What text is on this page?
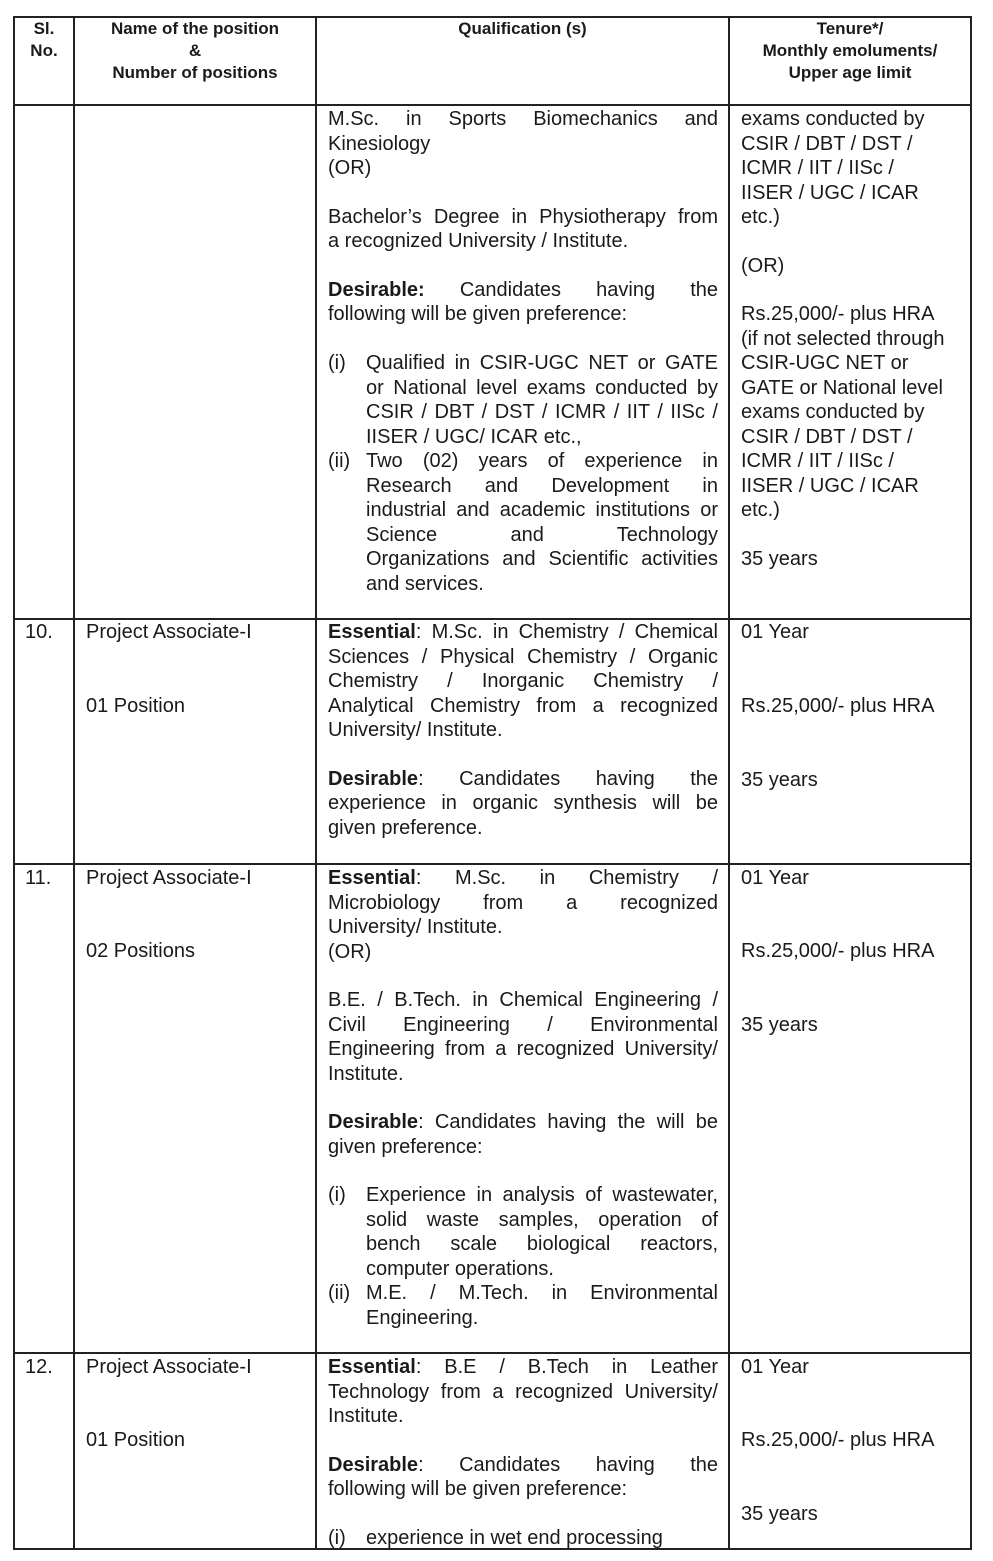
Sl.
No.
Name of the position
&
Number of positions
Qualification (s)	Tenure*/
Monthly emoluments/
Upper age limit
M.Sc. in Sports Biomechanics and
Kinesiology
(OR)
Bachelor’s Degree in Physiotherapy from
a recognized University / Institute.
Desirable: Candidates having the
following will be given preference:
(i) Qualified in CSIR-UGC NET or GATE
or National level exams conducted by
CSIR / DBT / DST / ICMR / IIT / IISc /
IISER / UGC/ ICAR etc.,
(ii) Two (02) years of experience in
Research and Development in
industrial and academic institutions or
Science and Technology
Organizations and Scientific activities
and services.
exams conducted by
CSIR / DBT / DST /
ICMR / IIT / IISc /
IISER / UGC / ICAR
etc.)
(OR)
Rs.25,000/- plus HRA
(if not selected through
CSIR-UGC NET or
GATE or National level
exams conducted by
CSIR / DBT / DST /
ICMR / IIT / IISc /
IISER / UGC / ICAR
etc.)
35 years
10. Project Associate-I
01 Position
Essential: M.Sc. in Chemistry / Chemical
Sciences / Physical Chemistry / Organic
Chemistry / Inorganic Chemistry /
Analytical Chemistry from a recognized
University/ Institute.
Desirable: Candidates having the
experience in organic synthesis will be
given preference.
01 Year
Rs.25,000/- plus HRA
35 years
11. Project Associate-I
02 Positions
Essential: M.Sc. in Chemistry /
Microbiology from a recognized
University/ Institute.
(OR)
B.E. / B.Tech. in Chemical Engineering /
Civil Engineering / Environmental
Engineering from a recognized University/
Institute.
Desirable: Candidates having the will be
given preference:
(i) Experience in analysis of wastewater,
solid waste samples, operation of
bench scale biological reactors,
computer operations.
(ii) M.E. / M.Tech. in Environmental
Engineering.
01 Year
Rs.25,000/- plus HRA
35 years
12. Project Associate-I
01 Position
Essential: B.E / B.Tech in Leather
Technology from a recognized University/
Institute.
Desirable: Candidates having the
following will be given preference:
(i) experience in wet end processing
01 Year
Rs.25,000/- plus HRA
35 years
